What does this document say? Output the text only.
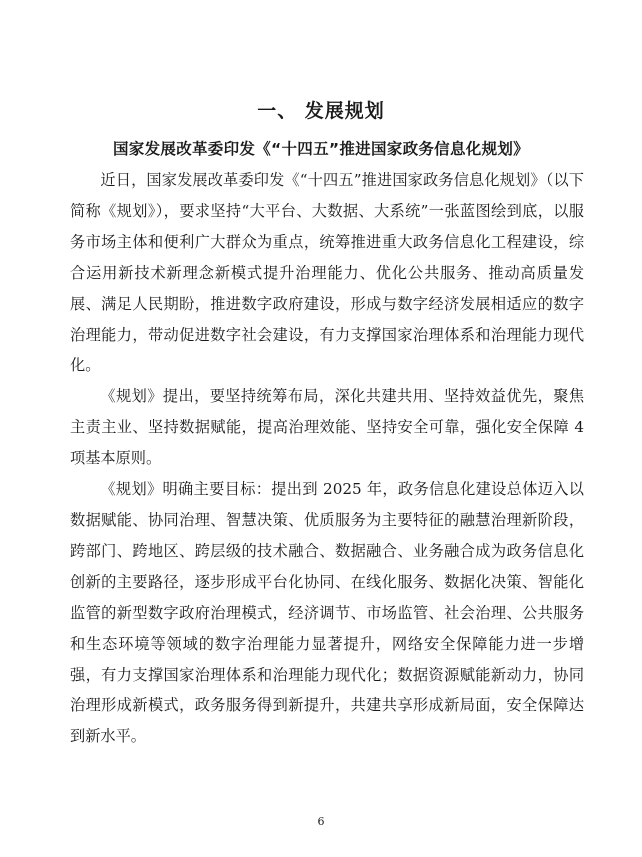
一、 发展规划
国家发展改革委印发《“十四五”推进国家政务信息化规划》

近日，国家发展改革委印发《“十四五”推进国家政务信息化规划》（以下简称《规划》），要求坚持“大平台、大数据、大系统”一张蓝图绘到底，以服务市场主体和便利广大群众为重点，统筹推进重大政务信息化工程建设，综合运用新技术新理念新模式提升治理能力、优化公共服务、推动高质量发展、满足人民期盼，推进数字政府建设，形成与数字经济发展相适应的数字治理能力，带动促进数字社会建设，有力支撑国家治理体系和治理能力现代化。

《规划》提出，要坚持统筹布局，深化共建共用、坚持效益优先，聚焦主责主业、坚持数据赋能，提高治理效能、坚持安全可靠，强化安全保障 4 项基本原则。

《规划》明确主要目标：提出到 2025 年，政务信息化建设总体迈入以数据赋能、协同治理、智慧决策、优质服务为主要特征的融慧治理新阶段，跨部门、跨地区、跨层级的技术融合、数据融合、业务融合成为政务信息化创新的主要路径，逐步形成平台化协同、在线化服务、数据化决策、智能化监管的新型数字政府治理模式，经济调节、市场监管、社会治理、公共服务和生态环境等领域的数字治理能力显著提升，网络安全保障能力进一步增强，有力支撑国家治理体系和治理能力现代化；数据资源赋能新动力，协同治理形成新模式，政务服务得到新提升，共建共享形成新局面，安全保障达到新水平。

6
